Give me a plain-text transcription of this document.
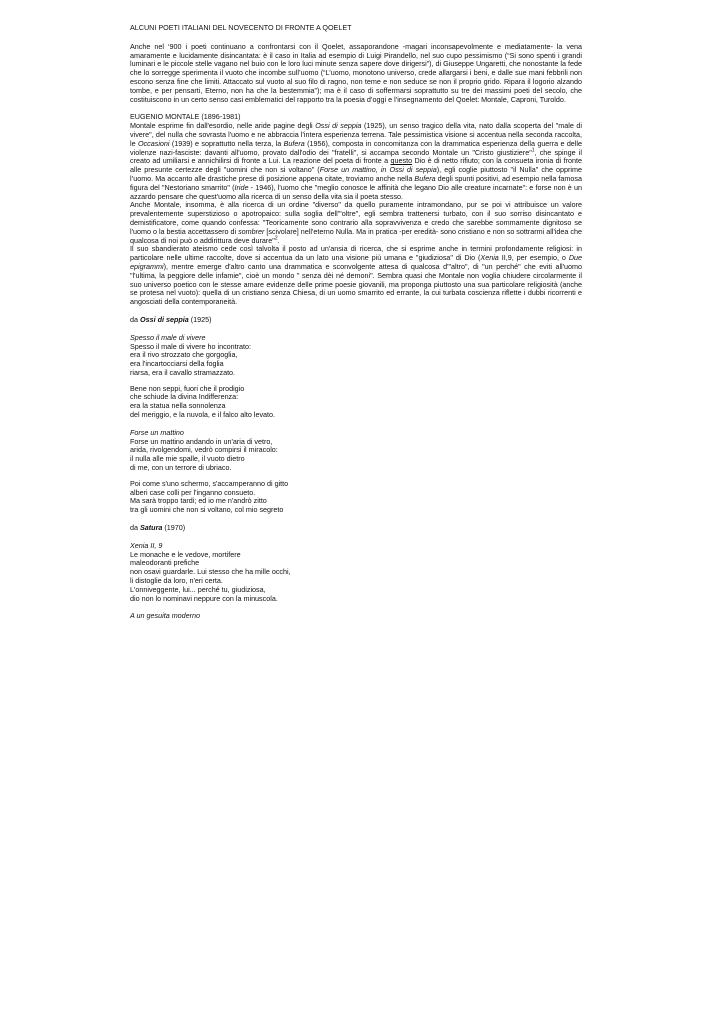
ALCUNI POETI ITALIANI DEL NOVECENTO DI FRONTE A QOELET

Anche nel ‘900 i poeti continuano a confrontarsi con il Qoelet, assaporandone -magari inconsapevolmente e mediatamente- la vena amaramente e lucidamente disincantata: è il caso in Italia ad esempio di Luigi Pirandello, nel suo cupo pessimismo (“Si sono spenti i grandi luminari e le piccole stelle vagano nel buio con le loro luci minute senza sapere dove dirigersi”), di Giuseppe Ungaretti, che nonostante la fede che lo sorregge sperimenta il vuoto che incombe sull’uomo (“L’uomo, monotono universo, crede allargarsi i beni, e dalle sue mani febbrili non escono senza fine che limiti. Attaccato sul vuoto al suo filo di ragno, non teme e non seduce se non il proprio grido. Ripara il logorio alzando tombe, e per pensarti, Eterno, non ha che la bestemmia”); ma è il caso di soffermarsi soprattutto su tre dei massimi poeti del secolo, che costituiscono in un certo senso casi emblematici del rapporto tra la poesia d’oggi e l’insegnamento del Qoelet: Montale, Caproni, Turoldo.

EUGENIO MONTALE (1896-1981)

Montale esprime fin dall'esordio, nelle aride pagine degli Ossi di seppia (1925), un senso tragico della vita, nato dalla scoperta del "male di vivere", del nulla che sovrasta l'uomo e ne abbraccia l'intera esperienza terrena. Tale pessimistica visione si accentua nella seconda raccolta, le Occasioni (1939) e soprattutto nella terza, la Bufera (1956), composta in concomitanza con la drammatica esperienza della guerra e delle violenze nazi-fasciste: davanti all'uomo, provato dall'odio dei "fratelli", si accampa secondo Montale un "Cristo giustiziere"$^1$, che spinge il creato ad umiliarsi e annichilirsi di fronte a Lui. La reazione del poeta di fronte a questo Dio è di netto rifiuto; con la consueta ironia di fronte alle presunte certezze degli "uomini che non si voltano" (Forse un mattino, in Ossi di seppia), egli coglie piuttosto "il Nulla" che opprime l’uomo. Ma accanto alle drastiche prese di posizione appena citate, troviamo anche nella Bufera degli spunti positivi, ad esempio nella famosa figura del "Nestoriano smarrito" (Iride - 1946), l'uomo che "meglio conosce le affinità che legano Dio alle creature incarnate": e forse non è un azzardo pensare che quest'uomo alla ricerca di un senso della vita sia il poeta stesso.

Anche Montale, insomma, è alla ricerca di un ordine "diverso" da quello puramente intramondano, pur se poi vi attribuisce un valore prevalentemente superstizioso o apotropaico: sulla soglia dell'"oltre", egli sembra trattenersi turbato, con il suo sorriso disincantato e demistificatore, come quando confessa: "Teoricamente sono contrario alla sopravvivenza e credo che sarebbe sommamente dignitoso se l'uomo o la bestia accettassero di sombrer [scivolare] nell'eterno Nulla. Ma in pratica -per eredità- sono cristiano e non so sottrarmi all'idea che qualcosa di noi può o addirittura deve durare"$^2$.

Il suo sbandierato ateismo cede così talvolta il posto ad un'ansia di ricerca, che si esprime anche in termini profondamente religiosi: in particolare nelle ultime raccolte, dove si accentua da un lato una visione più umana e "giudiziosa" di Dio (Xenia II,9, per esempio, o Due epigrammi), mentre emerge d'altro canto una drammatica e sconvolgente attesa di qualcosa d'"altro", di "un perché" che eviti all'uomo "l'ultima, la peggiore delle infamie", cioè un mondo " senza dèi né demoni". Sembra quasi che Montale non voglia chiudere circolarmente il suo universo poetico con le stesse amare evidenze delle prime poesie giovanili, ma proponga piuttosto una sua particolare religiosità (anche se protesa nel vuoto): quella di un cristiano senza Chiesa, di un uomo smarrito ed errante, la cui turbata coscienza riflette i dubbi ricorrenti e angosciati della contemporaneità.

da Ossi di seppia (1925)
Spesso il male di vivere
Spesso il male di vivere ho incontrato:
era il rivo strozzato che gorgoglia,
era l'incartocciarsi della foglia
riarsa, era il cavallo stramazzato.
Bene non seppi, fuori che il prodigio
che schiude la divina Indifferenza:
era la statua nella sonnolenza
del meriggio, e la nuvola, e il falco alto levato.
Forse un mattino
Forse un mattino andando in un'aria di vetro,
arida, rivolgendomi, vedrò compirsi il miracolo:
il nulla alle mie spalle, il vuoto dietro
di me, con un terrore di ubriaco.
Poi come s'uno schermo, s'accamperanno di gitto
alberi case colli per l'inganno consueto.
Ma sarà troppo tardi; ed io me n'andrò zitto
tra gli uomini che non si voltano, col mio segreto
da Satura (1970)
Xenia II, 9
Le monache e le vedove, mortifere
maleodoranti prefiche
non osavi guardarle. Lui stesso che ha mille occhi,
li distoglie da loro, n'eri certa.
L'onniveggente, lui... perché tu, giudiziosa,
dio non lo nominavi neppure con la minuscola.
A un gesuita moderno
